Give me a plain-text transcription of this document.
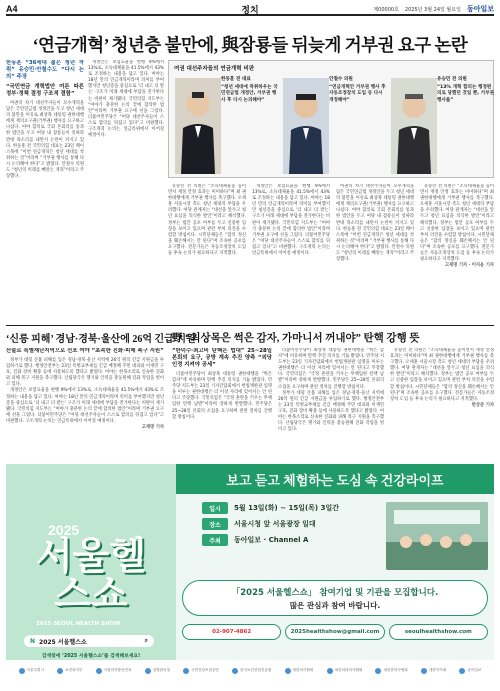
A4	정치	제00000호 2025년 3월 24일 월요일 동아일보
‘연금개혁’ 청년층 불만에, 與잠룡들 뒤늦게 거부권 요구 논란
한동훈 “36세대 젊은 청년 착취” 유승민·안철수도 “다시 논의” 주장
“국민연금 개혁법안 여론 따른 정부·정책 결정 구조적 결함”

여권의 차기 대선주자들이 모수개혁을 담은 국민연금법 개정안을 두고 청년 세대의 불만을 이유로 최상목 대통령 권한대행에게 재의요구권(거부권) 행사를 요구하고 나섰다. 여야 합의로 국회 본회의를 통과한 법안을 두고 여당 내 잠룡들이 잇따라 반대 목소리를 내면서 논란이 커지고 있다. 한동훈 전 국민의힘 대표는 23일 페이스북에 “이번 연금개혁은 청년 세대를 착취하는 것”이라며 “거부권 행사를 통해 다시 논의해야 한다”고 밝혔다. 안철수 의원도 “청년의 미래를 빼앗는 개혁”이라고 주장했다.

개정안은 보험료율을 현행 9%에서 13%로, 소득대체율을 41.5%에서 43%로 조정하는 내용을 담고 있다. 여야는 18년 만의 연금개혁이라며 의미를 부여했지만 청년층을 중심으로 ‘더 내고 더 받는’ 구조가 미래 세대에 부담을 전가한다는 비판이 제기됐다. 국민의힘 지도부는 “여야가 충분한 논의 끝에 합의한 법안”이라며 거부권 요구에 선을 그었다. 더불어민주당은 “여당 대선주자들이 스스로 합의를 뒤집고 있다”고 비판했다. 구조개혁 논의는 연금특위에서 이어질 예정이다.

여권 대선주자들의 연금개혁 비판
한동훈 전 대표
“청년 세대에 착취하우는 국민연금법 개정안, 거부권 행사 후 다시 논의해야”
안철수 의원
“연금개혁안 거부권 행사 후 자동조정장치 도입 등 다시 개정해야”
유승민 전 의원
“13% 개혁 합의는 행정편의로 당했던 것일 뿐, 거부권 행사를”

유승민 전 의원은 “소득대체율을 높이면서 재정 안정 효과는 미미하다”며 최 권한대행에게 거부권 행사를 촉구했다. 오세훈 서울시장 측도 청년 세대의 부담을 우려했다. 여당 관계자는 “대선을 앞두고 청년 표심을 의식한 발언”이라고 해석했다. 정부는 법안 공포 여부를 두고 신중한 입장을 보이고 있으며 관련 부처 의견을 수렴할 방침이다. 시민단체들은 “합의 정신을 훼손해서는 안 된다”며 조속한 공포를 요구했다. 전문가들은 자동조정장치 도입 등 후속 논의가 필요하다고 지적했다.

개정안은 보험료율을 현행 9%에서 13%로, 소득대체율을 41.5%에서 43%로 조정하는 내용을 담고 있다. 여야는 18년 만의 연금개혁이라며 의미를 부여했지만 청년층을 중심으로 ‘더 내고 더 받는’ 구조가 미래 세대에 부담을 전가한다는 비판이 제기됐다. 국민의힘 지도부는 “여야가 충분한 논의 끝에 합의한 법안”이라며 거부권 요구에 선을 그었다. 더불어민주당은 “여당 대선주자들이 스스로 합의를 뒤집고 있다”고 비판했다. 구조개혁 논의는 연금특위에서 이어질 예정이다.

여권의 차기 대선주자들이 모수개혁을 담은 국민연금법 개정안을 두고 청년 세대의 불만을 이유로 최상목 대통령 권한대행에게 재의요구권(거부권) 행사를 요구하고 나섰다. 여야 합의로 국회 본회의를 통과한 법안을 두고 여당 내 잠룡들이 잇따라 반대 목소리를 내면서 논란이 커지고 있다. 한동훈 전 국민의힘 대표는 23일 페이스북에 “이번 연금개혁은 청년 세대를 착취하는 것”이라며 “거부권 행사를 통해 다시 논의해야 한다”고 밝혔다. 안철수 의원도 “청년의 미래를 빼앗는 개혁”이라고 주장했다.

유승민 전 의원은 “소득대체율을 높이면서 재정 안정 효과는 미미하다”며 최 권한대행에게 거부권 행사를 촉구했다. 오세훈 서울시장 측도 청년 세대의 부담을 우려했다. 여당 관계자는 “대선을 앞두고 청년 표심을 의식한 발언”이라고 해석했다. 정부는 법안 공포 여부를 두고 신중한 입장을 보이고 있으며 관련 부처 의견을 수렴할 방침이다. 시민단체들은 “합의 정신을 훼손해서는 안 된다”며 조속한 공포를 요구했다. 전문가들은 자동조정장치 도입 등 후속 논의가 필요하다고 지적했다.

고재명 기자 · 이지윤 기자

‘신릉 피해’ 경남·경북·울산에 26억 긴급 지원
산불로 특별재난지역으로 선포 여야 “초속한 진화·피해 복구 지원”

정부가 대형 산불 피해를 입은 경남·경북·울산 지역에 26억 원의 긴급 지원금을 투입하기로 했다. 행정안전부는 23일 특별교부세를 긴급 배정해 주민 대피와 이재민 구호, 진화 장비 확충 등에 사용하도록 했다고 밝혔다. 여야는 한목소리로 신속한 진화와 피해 복구 지원을 촉구했다. 산림당국은 헬기와 인력을 총동원해 진화 작업을 벌이고 있다.

개정안은 보험료율을 현행 9%에서 13%로, 소득대체율을 41.5%에서 43%로 조정하는 내용을 담고 있다. 여야는 18년 만의 연금개혁이라며 의미를 부여했지만 청년층을 중심으로 ‘더 내고 더 받는’ 구조가 미래 세대에 부담을 전가한다는 비판이 제기됐다. 국민의힘 지도부는 “여야가 충분한 논의 끝에 합의한 법안”이라며 거부권 요구에 선을 그었다. 더불어민주당은 “여당 대선주자들이 스스로 합의를 뒤집고 있다”고 비판했다. 구조개혁 논의는 연금특위에서 이어질 예정이다.

고재명 기자

野 “최상목은 썩은 감자, 가마니서 꺼내야” 탄핵 강행 뜻
“한덕수·최고비 탄핵은 법대” 25~28일 본회의 요구, 공방 계속 추진 양측 “외당 인정 지켜야 공세”

더불어민주당이 최상목 대통령 권한대행을 “썩은 감자”에 비유하며 탄핵 추진 의지를 거듭 밝혔다. 민주당 지도부는 23일 기자간담회에서 헌법재판관 임명을 미루는 권한대행은 더 이상 자리에 있어서는 안 된다고 주장했다. 국민의힘은 “국정 혼란을 키우는 무책임한 탄핵 남발”이라며 강하게 반발했다. 민주당은 25~28일 본회의 소집을 요구하며 관련 절차를 진행할 방침이다.

더불어민주당이 최상목 대통령 권한대행을 “썩은 감자”에 비유하며 탄핵 추진 의지를 거듭 밝혔다. 민주당 지도부는 23일 기자간담회에서 헌법재판관 임명을 미루는 권한대행은 더 이상 자리에 있어서는 안 된다고 주장했다. 국민의힘은 “국정 혼란을 키우는 무책임한 탄핵 남발”이라며 강하게 반발했다. 민주당은 25~28일 본회의 소집을 요구하며 관련 절차를 진행할 방침이다.

정부가 대형 산불 피해를 입은 경남·경북·울산 지역에 26억 원의 긴급 지원금을 투입하기로 했다. 행정안전부는 23일 특별교부세를 긴급 배정해 주민 대피와 이재민 구호, 진화 장비 확충 등에 사용하도록 했다고 밝혔다. 여야는 한목소리로 신속한 진화와 피해 복구 지원을 촉구했다. 산림당국은 헬기와 인력을 총동원해 진화 작업을 벌이고 있다.

유승민 전 의원은 “소득대체율을 높이면서 재정 안정 효과는 미미하다”며 최 권한대행에게 거부권 행사를 촉구했다. 오세훈 서울시장 측도 청년 세대의 부담을 우려했다. 여당 관계자는 “대선을 앞두고 청년 표심을 의식한 발언”이라고 해석했다. 정부는 법안 공포 여부를 두고 신중한 입장을 보이고 있으며 관련 부처 의견을 수렴할 방침이다. 시민단체들은 “합의 정신을 훼손해서는 안 된다”며 조속한 공포를 요구했다. 전문가들은 자동조정장치 도입 등 후속 논의가 필요하다고 지적했다.

한상준 기자

2025
서울헬스쇼
2025 SEOUL HEALTH SHOW
N 2025 서울헬스쇼	⌕
검색창에 ‘2025 서울헬스쇼’를 검색해보세요!
보고 듣고 체험하는 도심 속 건강라이프
일시	5월 13일(화) ~ 15일(목) 3일간
장소	서울시청 앞 서울광장 일대
주최	동아일보 · Channel A
「2025 서울헬스쇼」 참여기업 및 기관을 모집합니다.
많은 관심과 참여 바랍니다.
02-907-4862	2025healthshow@gmail.com	seoulhealthshow.com
서울특별시	보건복지부	식품의약품안전처	질병관리청	국민건강보험공단	한국보건산업진흥원	대한의사협회	대한치과의사협회	대한한의사협회	대한약사회	동아일보
